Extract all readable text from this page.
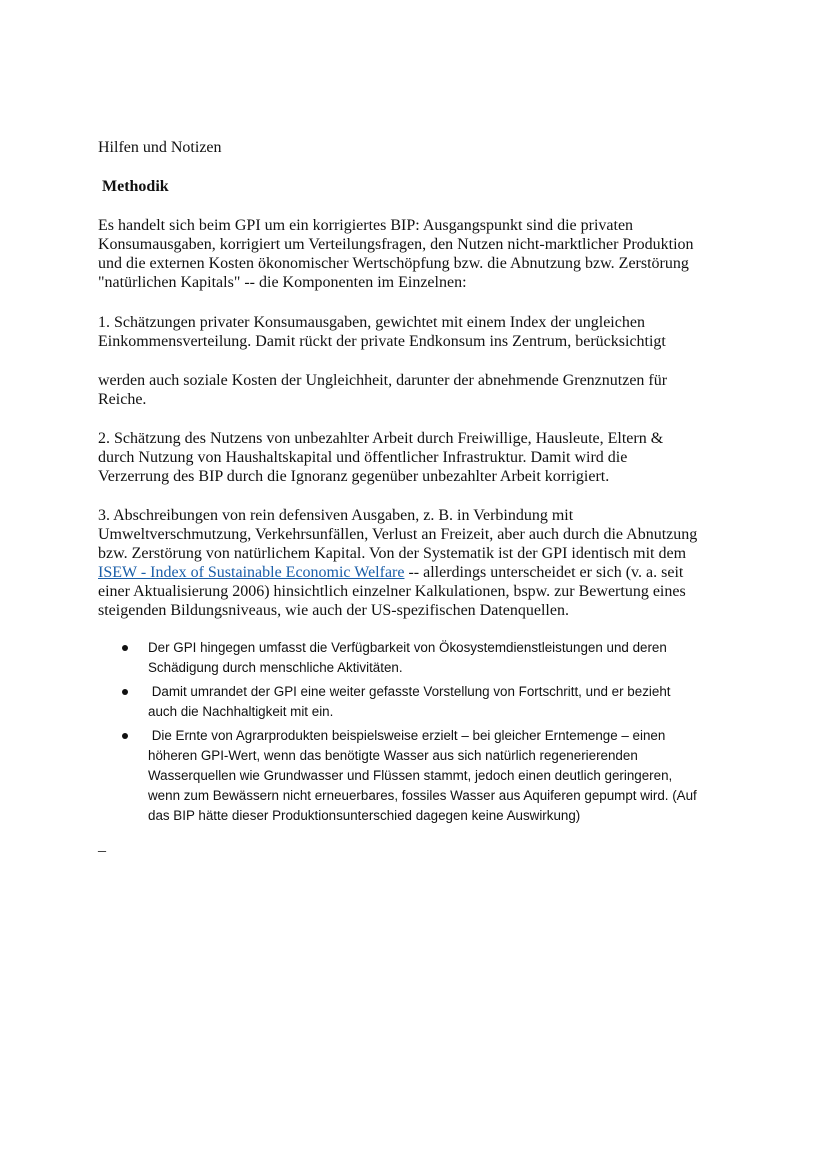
Hilfen und Notizen
Methodik
Es handelt sich beim GPI um ein korrigiertes BIP: Ausgangspunkt sind die privaten
Konsumausgaben, korrigiert um Verteilungsfragen, den Nutzen nicht-marktlicher Produktion
und die externen Kosten ökonomischer Wertschöpfung bzw. die Abnutzung bzw. Zerstörung
"natürlichen Kapitals" -- die Komponenten im Einzelnen:
1. Schätzungen privater Konsumausgaben, gewichtet mit einem Index der ungleichen
Einkommensverteilung. Damit rückt der private Endkonsum ins Zentrum, berücksichtigt
werden auch soziale Kosten der Ungleichheit, darunter der abnehmende Grenznutzen für
Reiche.
2. Schätzung des Nutzens von unbezahlter Arbeit durch Freiwillige, Hausleute, Eltern &
durch Nutzung von Haushaltskapital und öffentlicher Infrastruktur. Damit wird die
Verzerrung des BIP durch die Ignoranz gegenüber unbezahlter Arbeit korrigiert.
3. Abschreibungen von rein defensiven Ausgaben, z. B. in Verbindung mit
Umweltverschmutzung, Verkehrsunfällen, Verlust an Freizeit, aber auch durch die Abnutzung
bzw. Zerstörung von natürlichem Kapital. Von der Systematik ist der GPI identisch mit dem
ISEW - Index of Sustainable Economic Welfare -- allerdings unterscheidet er sich (v. a. seit
einer Aktualisierung 2006) hinsichtlich einzelner Kalkulationen, bspw. zur Bewertung eines
steigenden Bildungsniveaus, wie auch der US-spezifischen Datenquellen.
Der GPI hingegen umfasst die Verfügbarkeit von Ökosystemdienstleistungen und deren
Schädigung durch menschliche Aktivitäten.
Damit umrandet der GPI eine weiter gefasste Vorstellung von Fortschritt, und er bezieht
auch die Nachhaltigkeit mit ein.
Die Ernte von Agrarprodukten beispielsweise erzielt – bei gleicher Erntemenge – einen
höheren GPI-Wert, wenn das benötigte Wasser aus sich natürlich regenerierenden
Wasserquellen wie Grundwasser und Flüssen stammt, jedoch einen deutlich geringeren,
wenn zum Bewässern nicht erneuerbares, fossiles Wasser aus Aquiferen gepumpt wird. (Auf
das BIP hätte dieser Produktionsunterschied dagegen keine Auswirkung)
_
